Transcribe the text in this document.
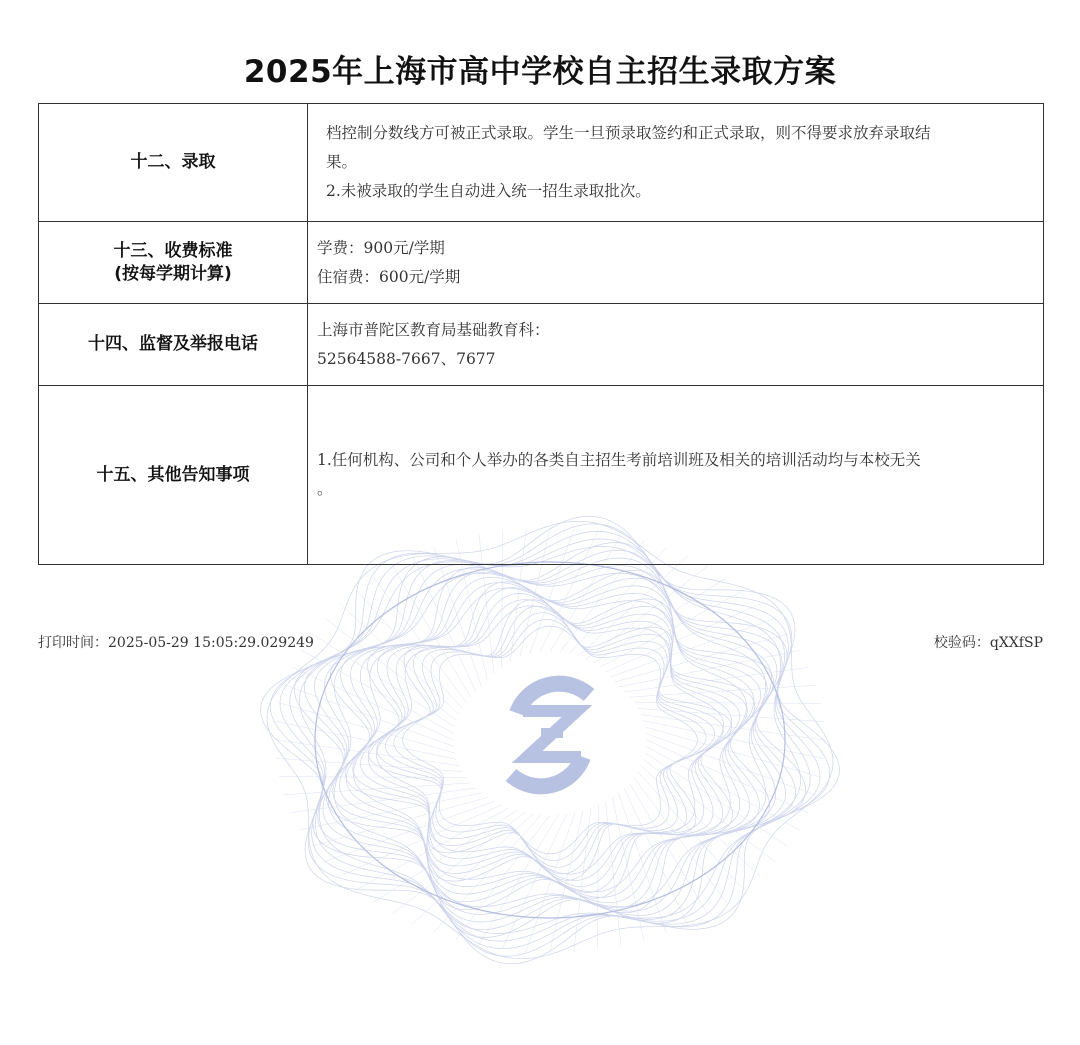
2025年上海市高中学校自主招生录取方案
十二、录取	档控制分数线方可被正式录取。学生一旦预录取签约和正式录取，则不得要求放弃录取结
果。
2.未被录取的学生自动进入统一招生录取批次。

十三、收费标准
(按每学期计算)	学费：900元/学期
住宿费：600元/学期

十四、监督及举报电话	上海市普陀区教育局基础教育科：
52564588-7667、7677

十五、其他告知事项	1.任何机构、公司和个人举办的各类自主招生考前培训班及相关的培训活动均与本校无关
。
打印时间：2025-05-29 15:05:29.029249	校验码：qXXfSP
